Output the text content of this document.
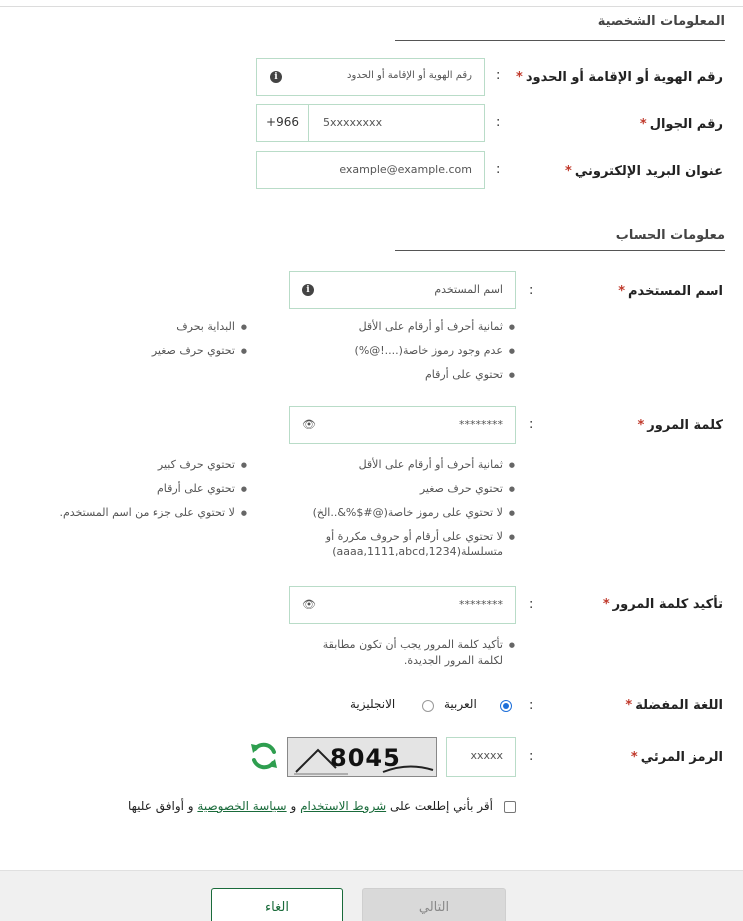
المعلومات الشخصية
رقم الهوية أو الإقامة أو الحدود*
:
i	رقم الهوية أو الإقامة أو الحدود
رقم الجوال*
:
+966	5xxxxxxxx
عنوان البريد الإلكتروني*
:
example@example.com
معلومات الحساب
اسم المستخدم*
:
i	اسم المستخدم
● ثمانية أحرف أو أرقام على الأقل
● عدم وجود رموز خاصة(....!@%)
● تحتوي على أرقام
● البداية بحرف
● تحتوي حرف صغير
كلمة المرور*
:
👁	********
● ثمانية أحرف أو أرقام على الأقل
● تحتوي حرف صغير
● لا تحتوي على رموز خاصة(@#$%&..الخ)
● لا تحتوي على أرقام أو حروف مكررة أو
متسلسلة(aaaa,1111,abcd,1234)
● تحتوي حرف كبير
● تحتوي على أرقام
● لا تحتوي على جزء من اسم المستخدم.
تأكيد كلمة المرور*
:
👁	********
● تأكيد كلمة المرور يجب أن تكون مطابقة
لكلمة المرور الجديدة.
اللغة المفضلة*
:
العربية
الانجليزية
الرمز المرئي*
:
xxxxx
8045
أقر بأني إطلعت على شروط الاستخدام و سياسة الخصوصية و أوافق عليها
الغاء	التالي
